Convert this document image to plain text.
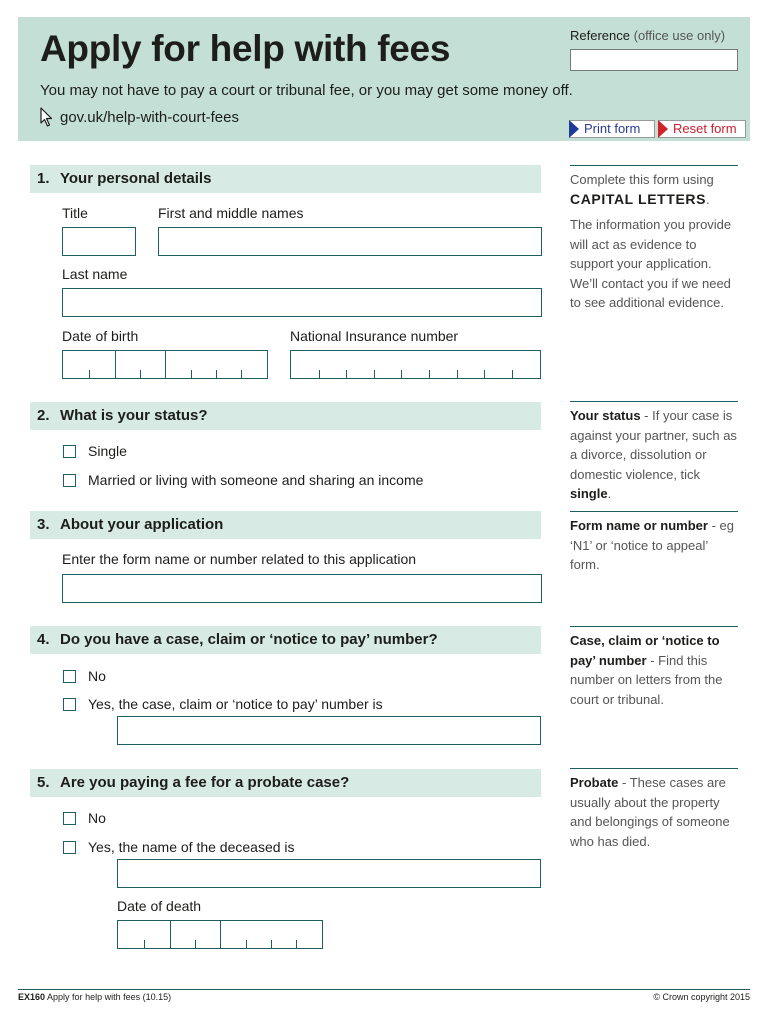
Apply for help with fees
You may not have to pay a court or tribunal fee, or you may get some money off.
gov.uk/help-with-court-fees
Reference (office use only)
Print form	Reset form
1. Your personal details
Title	First and middle names
Last name
Date of birth	National Insurance number
2. What is your status?
Single
Married or living with someone and sharing an income
3. About your application
Enter the form name or number related to this application
4. Do you have a case, claim or ‘notice to pay’ number?
No
Yes, the case, claim or ‘notice to pay’ number is
5. Are you paying a fee for a probate case?
No
Yes, the name of the deceased is
Date of death
Complete this form using CAPITAL LETTERS.
The information you provide will act as evidence to support your application. We’ll contact you if we need to see additional evidence.
Your status - If your case is against your partner, such as a divorce, dissolution or domestic violence, tick single.
Form name or number - eg ‘N1’ or ‘notice to appeal’ form.
Case, claim or ‘notice to pay’ number - Find this number on letters from the court or tribunal.
Probate - These cases are usually about the property and belongings of someone who has died.
EX160 Apply for help with fees (10.15)	© Crown copyright 2015
